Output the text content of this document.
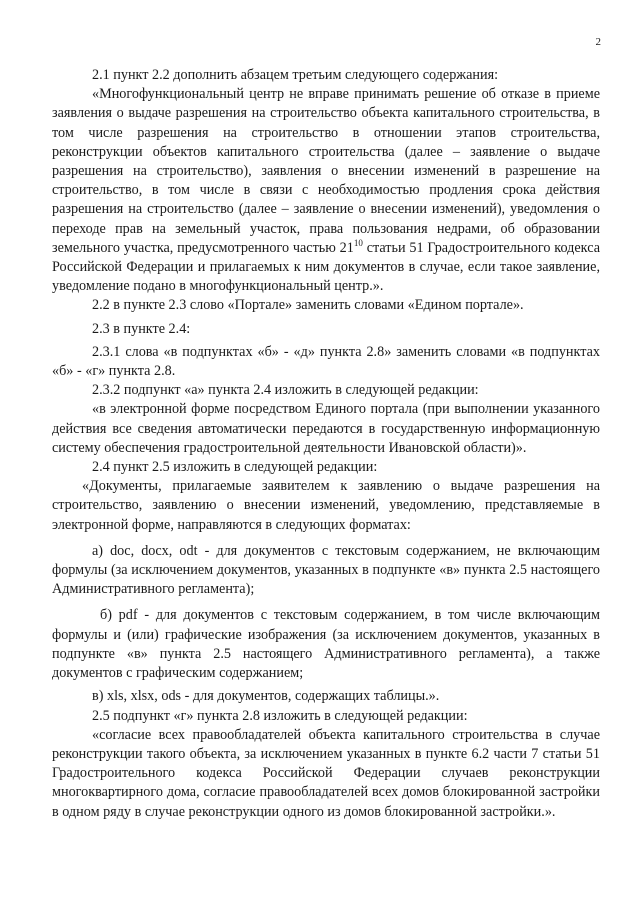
2

2.1 пункт 2.2 дополнить абзацем третьим следующего содержания:

«Многофункциональный центр не вправе принимать решение об отказе в приеме заявления о выдаче разрешения на строительство объекта капитального строительства, в том числе разрешения на строительство в отношении этапов строительства, реконструкции объектов капитального строительства (далее – заявление о выдаче разрешения на строительство), заявления о внесении изменений в разрешение на строительство, в том числе в связи с необходимостью продления срока действия разрешения на строительство (далее – заявление о внесении изменений), уведомления о переходе прав на земельный участок, права пользования недрами, об образовании земельного участка, предусмотренного частью $21^{10}$ статьи 51 Градостроительного кодекса Российской Федерации и прилагаемых к ним документов в случае, если такое заявление, уведомление подано в многофункциональный центр.».

2.2 в пункте 2.3 слово «Портале» заменить словами «Едином портале».

2.3 в пункте 2.4:

2.3.1 слова «в подпунктах «б» - «д» пункта 2.8» заменить словами «в подпунктах «б» - «г» пункта 2.8.

2.3.2 подпункт «а» пункта 2.4 изложить в следующей редакции:

«в электронной форме посредством Единого портала (при выполнении указанного действия все сведения автоматически передаются в государственную информационную систему обеспечения градостроительной деятельности Ивановской области)».

2.4 пункт 2.5 изложить в следующей редакции:

«Документы, прилагаемые заявителем к заявлению о выдаче разрешения на строительство, заявлению о внесении изменений, уведомлению, представляемые в электронной форме, направляются в следующих форматах:

а) doc, docx, odt - для документов с текстовым содержанием, не включающим формулы (за исключением документов, указанных в подпункте «в» пункта 2.5 настоящего Административного регламента);

б) pdf - для документов с текстовым содержанием, в том числе включающим формулы и (или) графические изображения (за исключением документов, указанных в подпункте «в» пункта 2.5 настоящего Административного регламента), а также документов с графическим содержанием;

в) xls, xlsx, ods - для документов, содержащих таблицы.».

2.5 подпункт «г» пункта 2.8 изложить в следующей редакции:

«согласие всех правообладателей объекта капитального строительства в случае реконструкции такого объекта, за исключением указанных в пункте 6.2 части 7 статьи 51 Градостроительного кодекса Российской Федерации случаев реконструкции многоквартирного дома, согласие правообладателей всех домов блокированной застройки в одном ряду в случае реконструкции одного из домов блокированной застройки.».
